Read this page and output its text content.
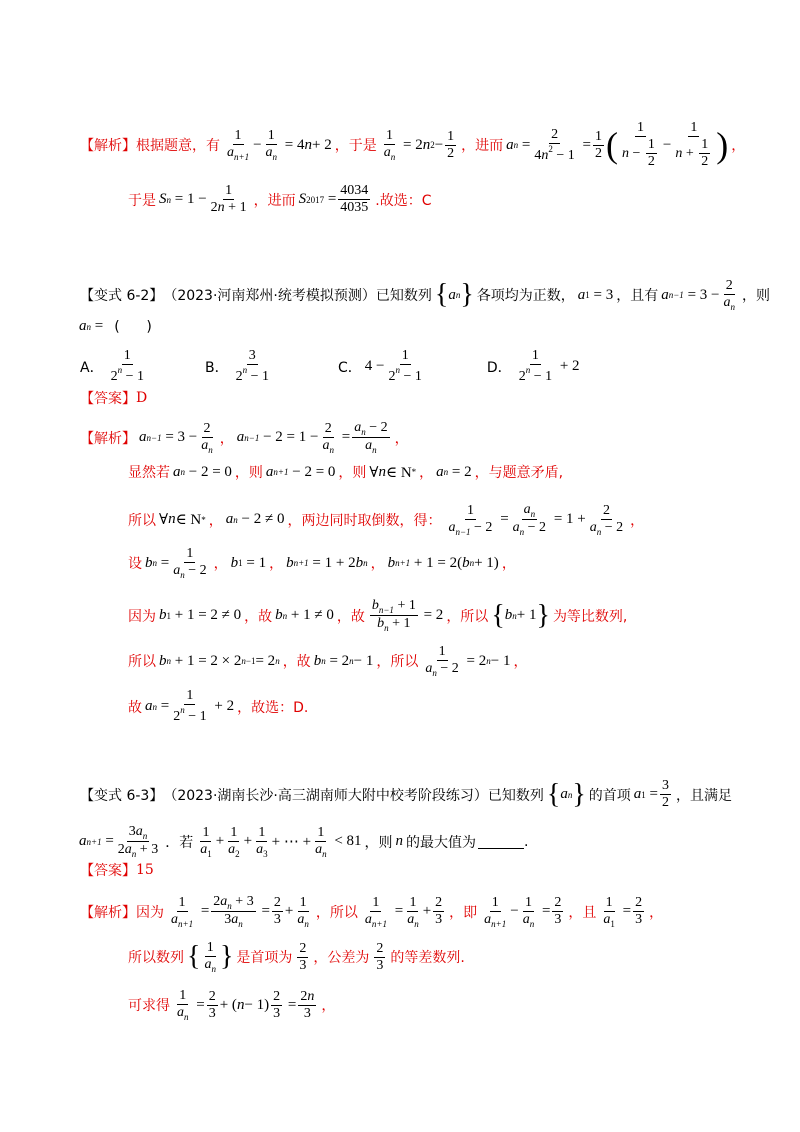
【解析】 根据题意，有 $\frac{1}{a_{n+1}} - \frac{1}{a_n} = 4$ n + 2 ，于是 $\frac{1}{a_n} = 2$ n $2 - \frac{1}{2}$ ，进而 a $n = \frac{2}{4n^2 - 1} = \frac{1}{2}$ ( $\frac{1}{n - \frac{1}{2}} - \frac{1}{n + \frac{1}{2}}$ ) ，
于是 S $n = 1 - \frac{1}{2n + 1}$ ，进而 S $2017 = \frac{4034}{4035}$ .故选：C
【变式 6-2】 （2023·河南郑州·统考模拟预测）已知数列 { a n } 各项均为正数， a 1 = 3 ，且有 a $n-1 = 3 - \frac{2}{a_n}$ ，则
a n = (      )
A． $\frac{1}{2^n - 1}$	B． $\frac{3}{2^n - 1}$	C． $4 - \frac{1}{2^n - 1}$	D． $\frac{1}{2^n - 1} + 2$
【答案】 D
【解析】 a $n-1 = 3 - \frac{2}{a_n}$ ， a $n-1 - 2 = 1 - \frac{2}{a_n} = \frac{a_n - 2}{a_n}$ ，
显然若 a n − 2 = 0 ，则 a n+1 − 2 = 0 ，则 ∀ n ∈ N * ， a n = 2 ，与题意矛盾,
所以 ∀ n ∈ N * ， a n − 2 ≠ 0 ，两边同时取倒数，得： $\frac{1}{a_{n-1} - 2} = \frac{a_n}{a_n - 2} = 1 + \frac{2}{a_n - 2}$ ，
设 b $n = \frac{1}{a_n - 2}$ ， b 1 = 1 ， b n+1 = 1 + 2 b n ， b n+1 + 1 = 2( b n + 1) ，
因为 b 1 + 1 = 2 ≠ 0 ，故 b n + 1 ≠ 0 ，故 $\frac{b_{n-1} + 1}{b_n + 1} = 2$ ，所以 { b n + 1 } 为等比数列,
所以 b n + 1 = 2 × 2 n−1 = 2 n ，故 b n = 2 n − 1 ，所以 $\frac{1}{a_n - 2} = 2$ n − 1 ，
故 a $n = \frac{1}{2^n - 1} + 2$ ，故选：D.
【变式 6-3】 （2023·湖南长沙·高三湖南师大附中校考阶段练习）已知数列 { a n } 的首项 a $1 = \frac{3}{2}$ ，且满足
a $n+1 = \frac{3a_n}{2a_n + 3}$ ．若 $\frac{1}{a_1} + \frac{1}{a_2} + \frac{1}{a_3}$ + ⋯ + $\frac{1}{a_n} < 81$ ，则 n 的最大值为	.
【答案】 15
【解析】 因为 $\frac{1}{a_{n+1}} = \frac{2a_n + 3}{3a_n} = \frac{2}{3} + \frac{1}{a_n}$ ，所以 $\frac{1}{a_{n+1}} = \frac{1}{a_n} + \frac{2}{3}$ ，即 $\frac{1}{a_{n+1}} - \frac{1}{a_n} = \frac{2}{3}$ ，且 $\frac{1}{a_1} = \frac{2}{3}$ ，
所以数列 { $\frac{1}{a_n}$ } 是首项为 $\frac{2}{3}$ ，公差为 $\frac{2}{3}$ 的等差数列.
可求得 $\frac{1}{a_n} = \frac{2}{3}$ + ( $n - 1) \frac{2}{3} = \frac{2n}{3}$ ，
